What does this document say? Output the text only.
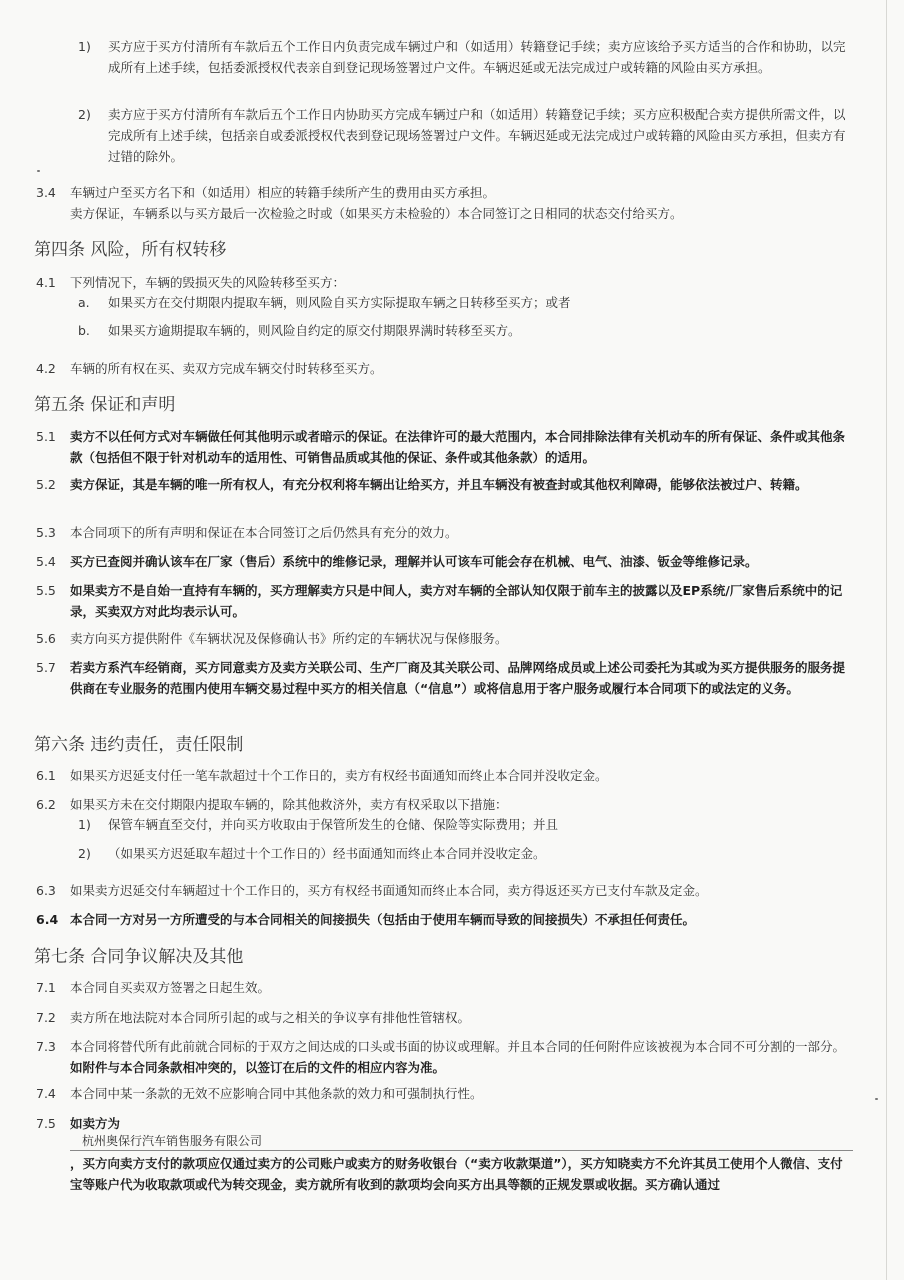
1) 买方应于买方付清所有车款后五个工作日内负责完成车辆过户和（如适用）转籍登记手续；卖方应该给予买方适当的合作和协助，以完成所有上述手续，包括委派授权代表亲自到登记现场签署过户文件。车辆迟延或无法完成过户或转籍的风险由买方承担。
2) 卖方应于买方付清所有车款后五个工作日内协助买方完成车辆过户和（如适用）转籍登记手续；买方应积极配合卖方提供所需文件，以完成所有上述手续，包括亲自或委派授权代表到登记现场签署过户文件。车辆迟延或无法完成过户或转籍的风险由买方承担，但卖方有过错的除外。
3.4 车辆过户至买方名下和（如适用）相应的转籍手续所产生的费用由买方承担。
卖方保证，车辆系以与买方最后一次检验之时或（如果买方未检验的）本合同签订之日相同的状态交付给买方。
第四条 风险，所有权转移
4.1 下列情况下，车辆的毁损灭失的风险转移至买方：
a. 如果买方在交付期限内提取车辆，则风险自买方实际提取车辆之日转移至买方；或者
b. 如果买方逾期提取车辆的，则风险自约定的原交付期限界满时转移至买方。
4.2 车辆的所有权在买、卖双方完成车辆交付时转移至买方。
第五条 保证和声明
5.1 卖方不以任何方式对车辆做任何其他明示或者暗示的保证。在法律许可的最大范围内，本合同排除法律有关机动车的所有保证、条件或其他条款（包括但不限于针对机动车的适用性、可销售品质或其他的保证、条件或其他条款）的适用。
5.2 卖方保证，其是车辆的唯一所有权人，有充分权利将车辆出让给买方，并且车辆没有被查封或其他权利障碍，能够依法被过户、转籍。
5.3 本合同项下的所有声明和保证在本合同签订之后仍然具有充分的效力。
5.4 买方已查阅并确认该车在厂家（售后）系统中的维修记录，理解并认可该车可能会存在机械、电气、油漆、钣金等维修记录。
5.5 如果卖方不是自始一直持有车辆的，买方理解卖方只是中间人，卖方对车辆的全部认知仅限于前车主的披露以及EP系统/厂家售后系统中的记录，买卖双方对此均表示认可。
5.6 卖方向买方提供附件《车辆状况及保修确认书》所约定的车辆状况与保修服务。
5.7 若卖方系汽车经销商，买方同意卖方及卖方关联公司、生产厂商及其关联公司、品牌网络成员或上述公司委托为其或为买方提供服务的服务提供商在专业服务的范围内使用车辆交易过程中买方的相关信息（“信息”）或将信息用于客户服务或履行本合同项下的或法定的义务。
第六条 违约责任，责任限制
6.1 如果买方迟延支付任一笔车款超过十个工作日的，卖方有权经书面通知而终止本合同并没收定金。
6.2 如果买方未在交付期限内提取车辆的，除其他救济外，卖方有权采取以下措施：
1) 保管车辆直至交付，并向买方收取由于保管所发生的仓储、保险等实际费用；并且
2) （如果买方迟延取车超过十个工作日的）经书面通知而终止本合同并没收定金。
6.3 如果卖方迟延交付车辆超过十个工作日的，买方有权经书面通知而终止本合同，卖方得返还买方已支付车款及定金。
6.4 本合同一方对另一方所遭受的与本合同相关的间接损失（包括由于使用车辆而导致的间接损失）不承担任何责任。
第七条 合同争议解决及其他
7.1 本合同自买卖双方签署之日起生效。
7.2 卖方所在地法院对本合同所引起的或与之相关的争议享有排他性管辖权。
7.3 本合同将替代所有此前就合同标的于双方之间达成的口头或书面的协议或理解。并且本合同的任何附件应该被视为本合同不可分割的一部分。如附件与本合同条款相冲突的，以签订在后的文件的相应内容为准。
7.4 本合同中某一条款的无效不应影响合同中其他条款的效力和可强制执行性。
7.5 如卖方为
杭州奥保行汽车销售服务有限公司
，买方向卖方支付的款项应仅通过卖方的公司账户或卖方的财务收银台（“卖方收款渠道”），买方知晓卖方不允许其员工使用个人微信、支付宝等账户代为收取款项或代为转交现金，卖方就所有收到的款项均会向买方出具等额的正规发票或收据。买方确认通过
